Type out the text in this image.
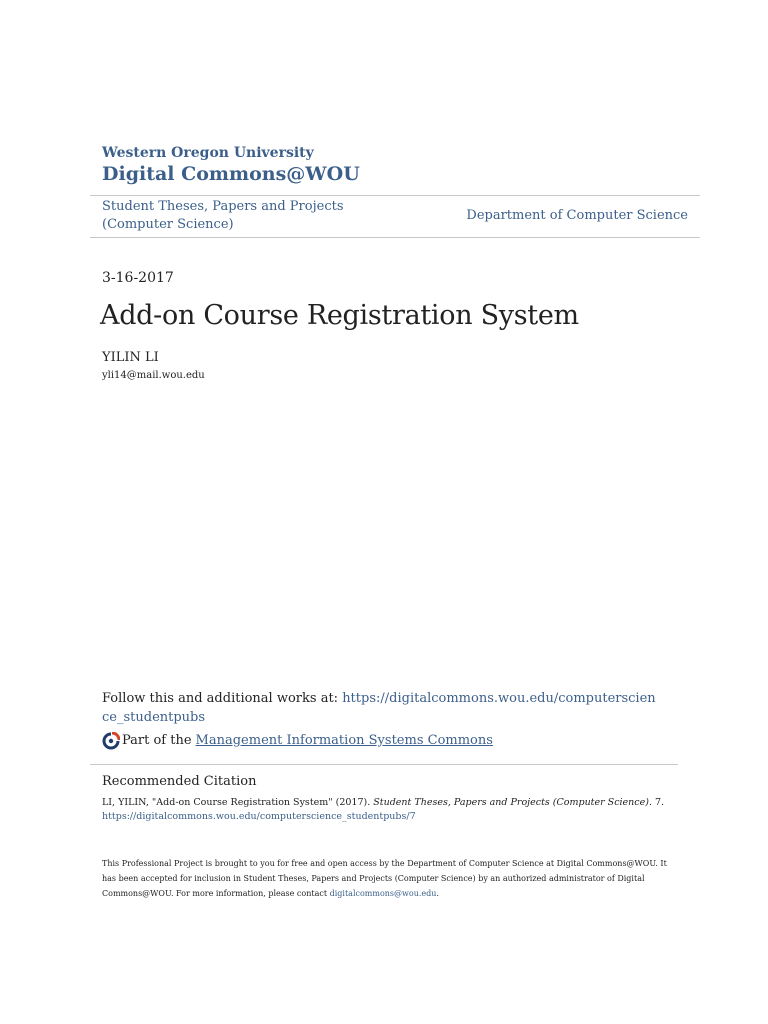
Western Oregon University
Digital Commons@WOU
Student Theses, Papers and Projects (Computer Science)
Department of Computer Science
3-16-2017
Add-on Course Registration System
YILIN LI
yli14@mail.wou.edu
Follow this and additional works at: https://digitalcommons.wou.edu/computerscience_studentpubs
Part of the Management Information Systems Commons
Recommended Citation
LI, YILIN, "Add-on Course Registration System" (2017). Student Theses, Papers and Projects (Computer Science). 7.
https://digitalcommons.wou.edu/computerscience_studentpubs/7
This Professional Project is brought to you for free and open access by the Department of Computer Science at Digital Commons@WOU. It has been accepted for inclusion in Student Theses, Papers and Projects (Computer Science) by an authorized administrator of Digital Commons@WOU. For more information, please contact digitalcommons@wou.edu.
